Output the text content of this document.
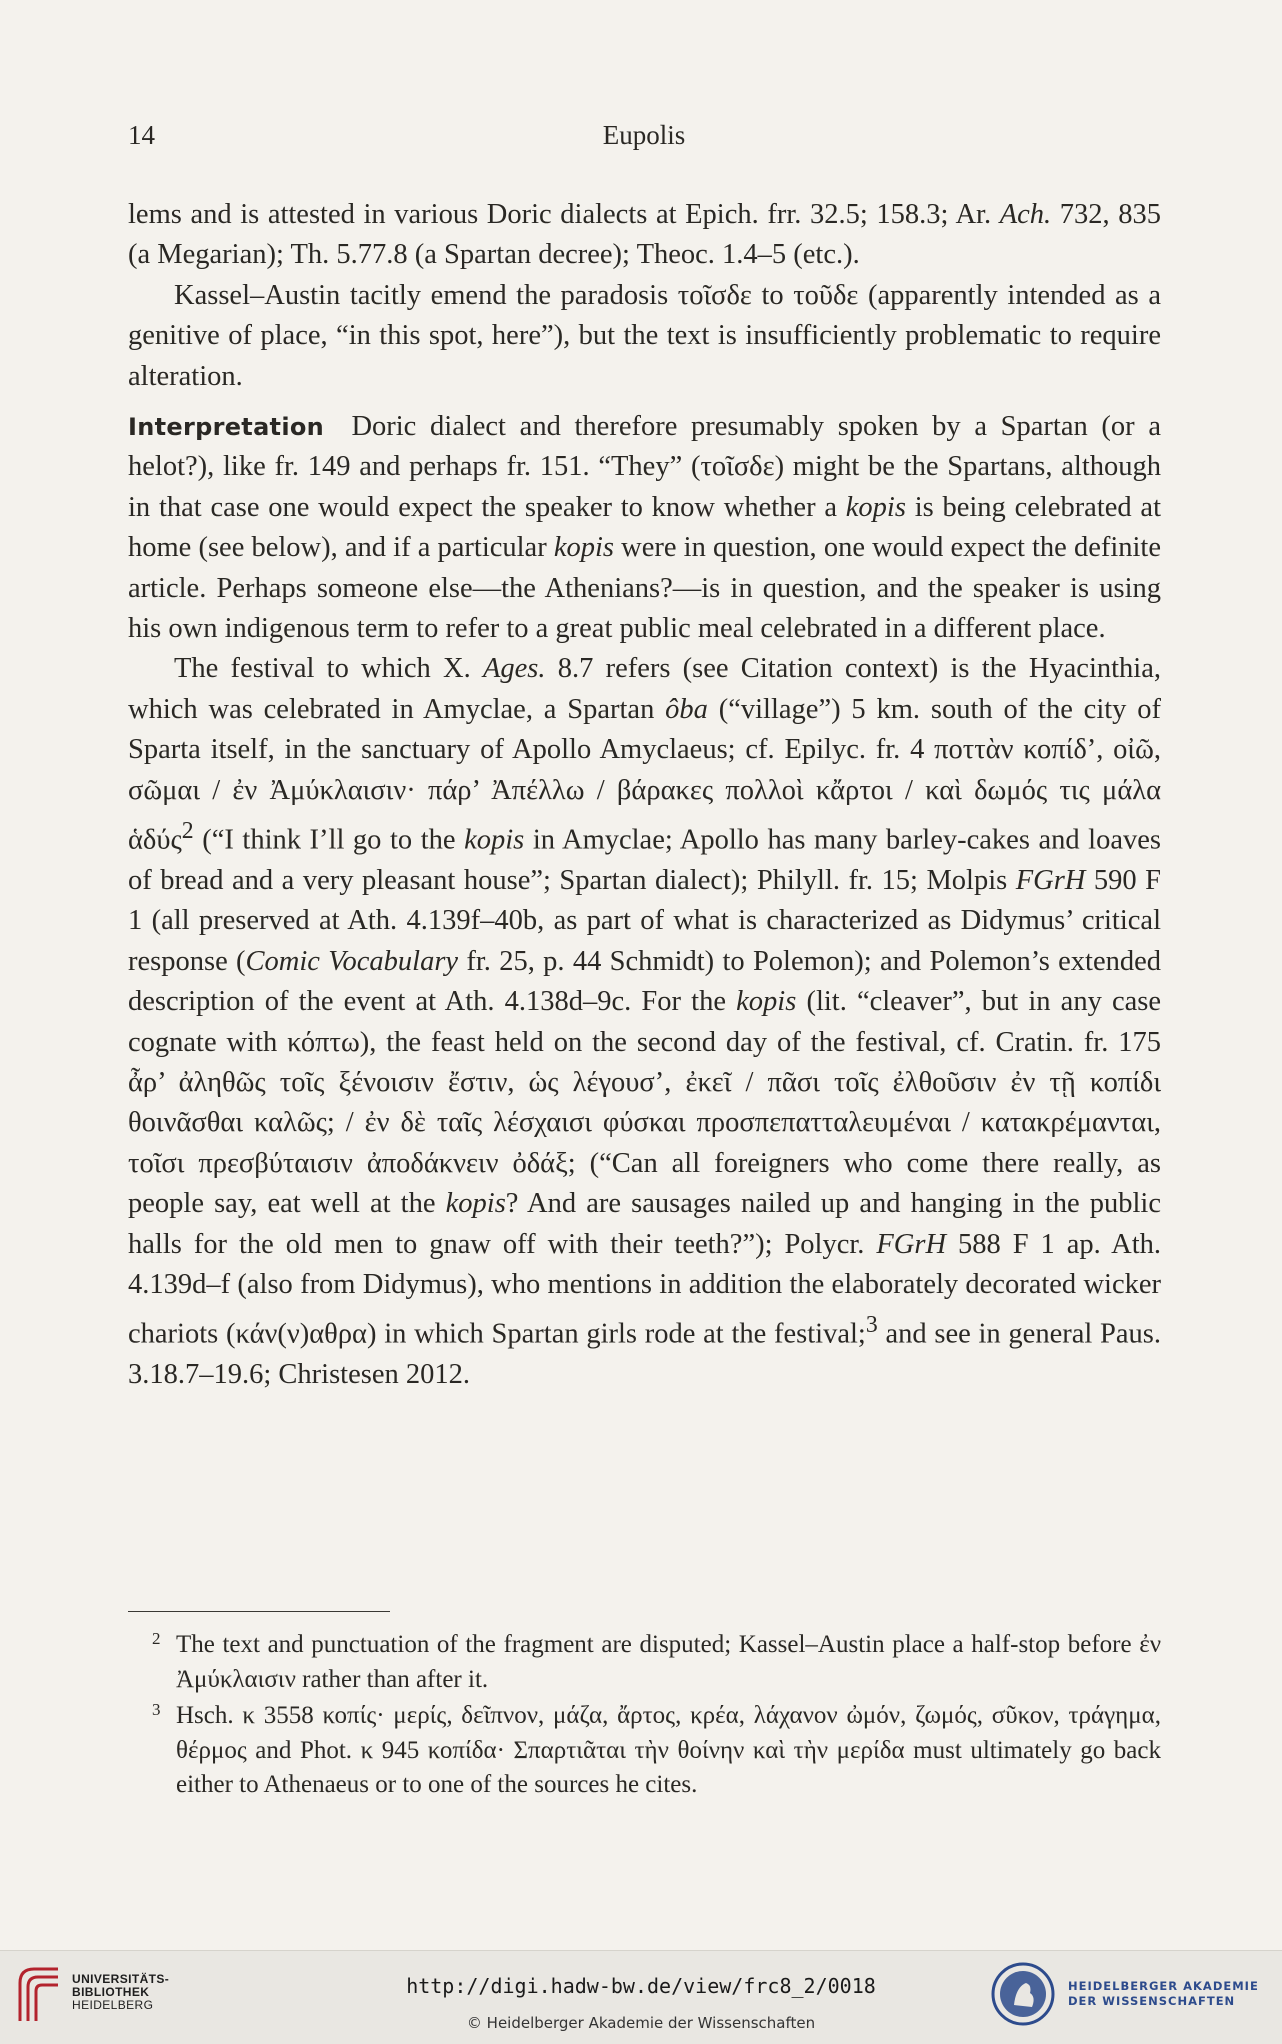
14	Eupolis

lems and is attested in various Doric dialects at Epich. frr. 32.5; 158.3; Ar. Ach. 732, 835 (a Megarian); Th. 5.77.8 (a Spartan decree); Theoc. 1.4–5 (etc.).

Kassel–Austin tacitly emend the paradosis τοῖσδε to τοῦδε (apparently intended as a genitive of place, “in this spot, here”), but the text is insufficiently problematic to require alteration.

Interpretation Doric dialect and therefore presumably spoken by a Spartan (or a helot?), like fr. 149 and perhaps fr. 151. “They” (τοῖσδε) might be the Spartans, although in that case one would expect the speaker to know whether a kopis is being celebrated at home (see below), and if a particular kopis were in question, one would expect the definite article. Perhaps someone else—the Athenians?—is in question, and the speaker is using his own indigenous term to refer to a great public meal celebrated in a different place.

The festival to which X. Ages. 8.7 refers (see Citation context) is the Hyacinthia, which was celebrated in Amyclae, a Spartan ôba (“village”) 5 km. south of the city of Sparta itself, in the sanctuary of Apollo Amyclaeus; cf. Epilyc. fr. 4 ποττὰν κοπίδ’, οἰῶ, σῶμαι / ἐν Ἀμύκλαισιν· πάρ’ Ἀπέλλω / βάρακες πολλοὶ κἄρτοι / καὶ δωμός τις μάλα ἁδύς$^2$ (“I think I’ll go to the kopis in Amyclae; Apollo has many barley-cakes and loaves of bread and a very pleasant house”; Spartan dialect); Philyll. fr. 15; Molpis FGrH 590 F 1 (all preserved at Ath. 4.139f–40b, as part of what is characterized as Didymus’ critical response (Comic Vocabulary fr. 25, p. 44 Schmidt) to Polemon); and Polemon’s extended description of the event at Ath. 4.138d–9c. For the kopis (lit. “cleaver”, but in any case cognate with κόπτω), the feast held on the second day of the festival, cf. Cratin. fr. 175 ἆρ’ ἀληθῶς τοῖς ξένοισιν ἔστιν, ὡς λέγουσ’, ἐκεῖ / πᾶσι τοῖς ἐλθοῦσιν ἐν τῇ κοπίδι θοινᾶσθαι καλῶς; / ἐν δὲ ταῖς λέσχαισι φύσκαι προσπεπατταλευμέναι / κατακρέμανται, τοῖσι πρεσβύταισιν ἀποδάκνειν ὀδάξ; (“Can all foreigners who come there really, as people say, eat well at the kopis? And are sausages nailed up and hanging in the public halls for the old men to gnaw off with their teeth?”); Polycr. FGrH 588 F 1 ap. Ath. 4.139d–f (also from Didymus), who mentions in addition the elaborately decorated wicker chariots (κάν(ν)αθρα) in which Spartan girls rode at the festival;$^3$ and see in general Paus. 3.18.7–19.6; Christesen 2012.

2 The text and punctuation of the fragment are disputed; Kassel–Austin place a half-stop before ἐν Ἀμύκλαισιν rather than after it.
3 Hsch. κ 3558 κοπίς· μερίς, δεῖπνον, μάζα, ἄρτος, κρέα, λάχανον ὠμόν, ζωμός, σῦκον, τράγημα, θέρμος and Phot. κ 945 κοπίδα· Σπαρτιᾶται τὴν θοίνην καὶ τὴν μερίδα must ultimately go back either to Athenaeus or to one of the sources he cites.
UNIVERSITÄTS-
BIBLIOTHEK
HEIDELBERG
http://digi.hadw-bw.de/view/frc8_2/0018
© Heidelberger Akademie der Wissenschaften
HEIDELBERGER AKADEMIE
DER WISSENSCHAFTEN
